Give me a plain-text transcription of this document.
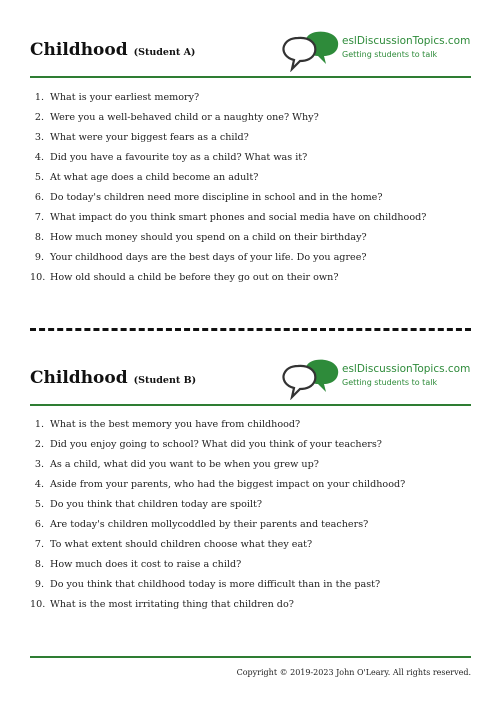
Childhood (Student A)
eslDiscussionTopics.com
Getting students to talk
1. What is your earliest memory?
2. Were you a well-behaved child or a naughty one? Why?
3. What were your biggest fears as a child?
4. Did you have a favourite toy as a child? What was it?
5. At what age does a child become an adult?
6. Do today's children need more discipline in school and in the home?
7. What impact do you think smart phones and social media have on childhood?
8. How much money should you spend on a child on their birthday?
9. Your childhood days are the best days of your life. Do you agree?
10. How old should a child be before they go out on their own?
Childhood (Student B)
eslDiscussionTopics.com
Getting students to talk
1. What is the best memory you have from childhood?
2. Did you enjoy going to school? What did you think of your teachers?
3. As a child, what did you want to be when you grew up?
4. Aside from your parents, who had the biggest impact on your childhood?
5. Do you think that children today are spoilt?
6. Are today's children mollycoddled by their parents and teachers?
7. To what extent should children choose what they eat?
8. How much does it cost to raise a child?
9. Do you think that childhood today is more difficult than in the past?
10. What is the most irritating thing that children do?
Copyright © 2019-2023 John O'Leary. All rights reserved.
